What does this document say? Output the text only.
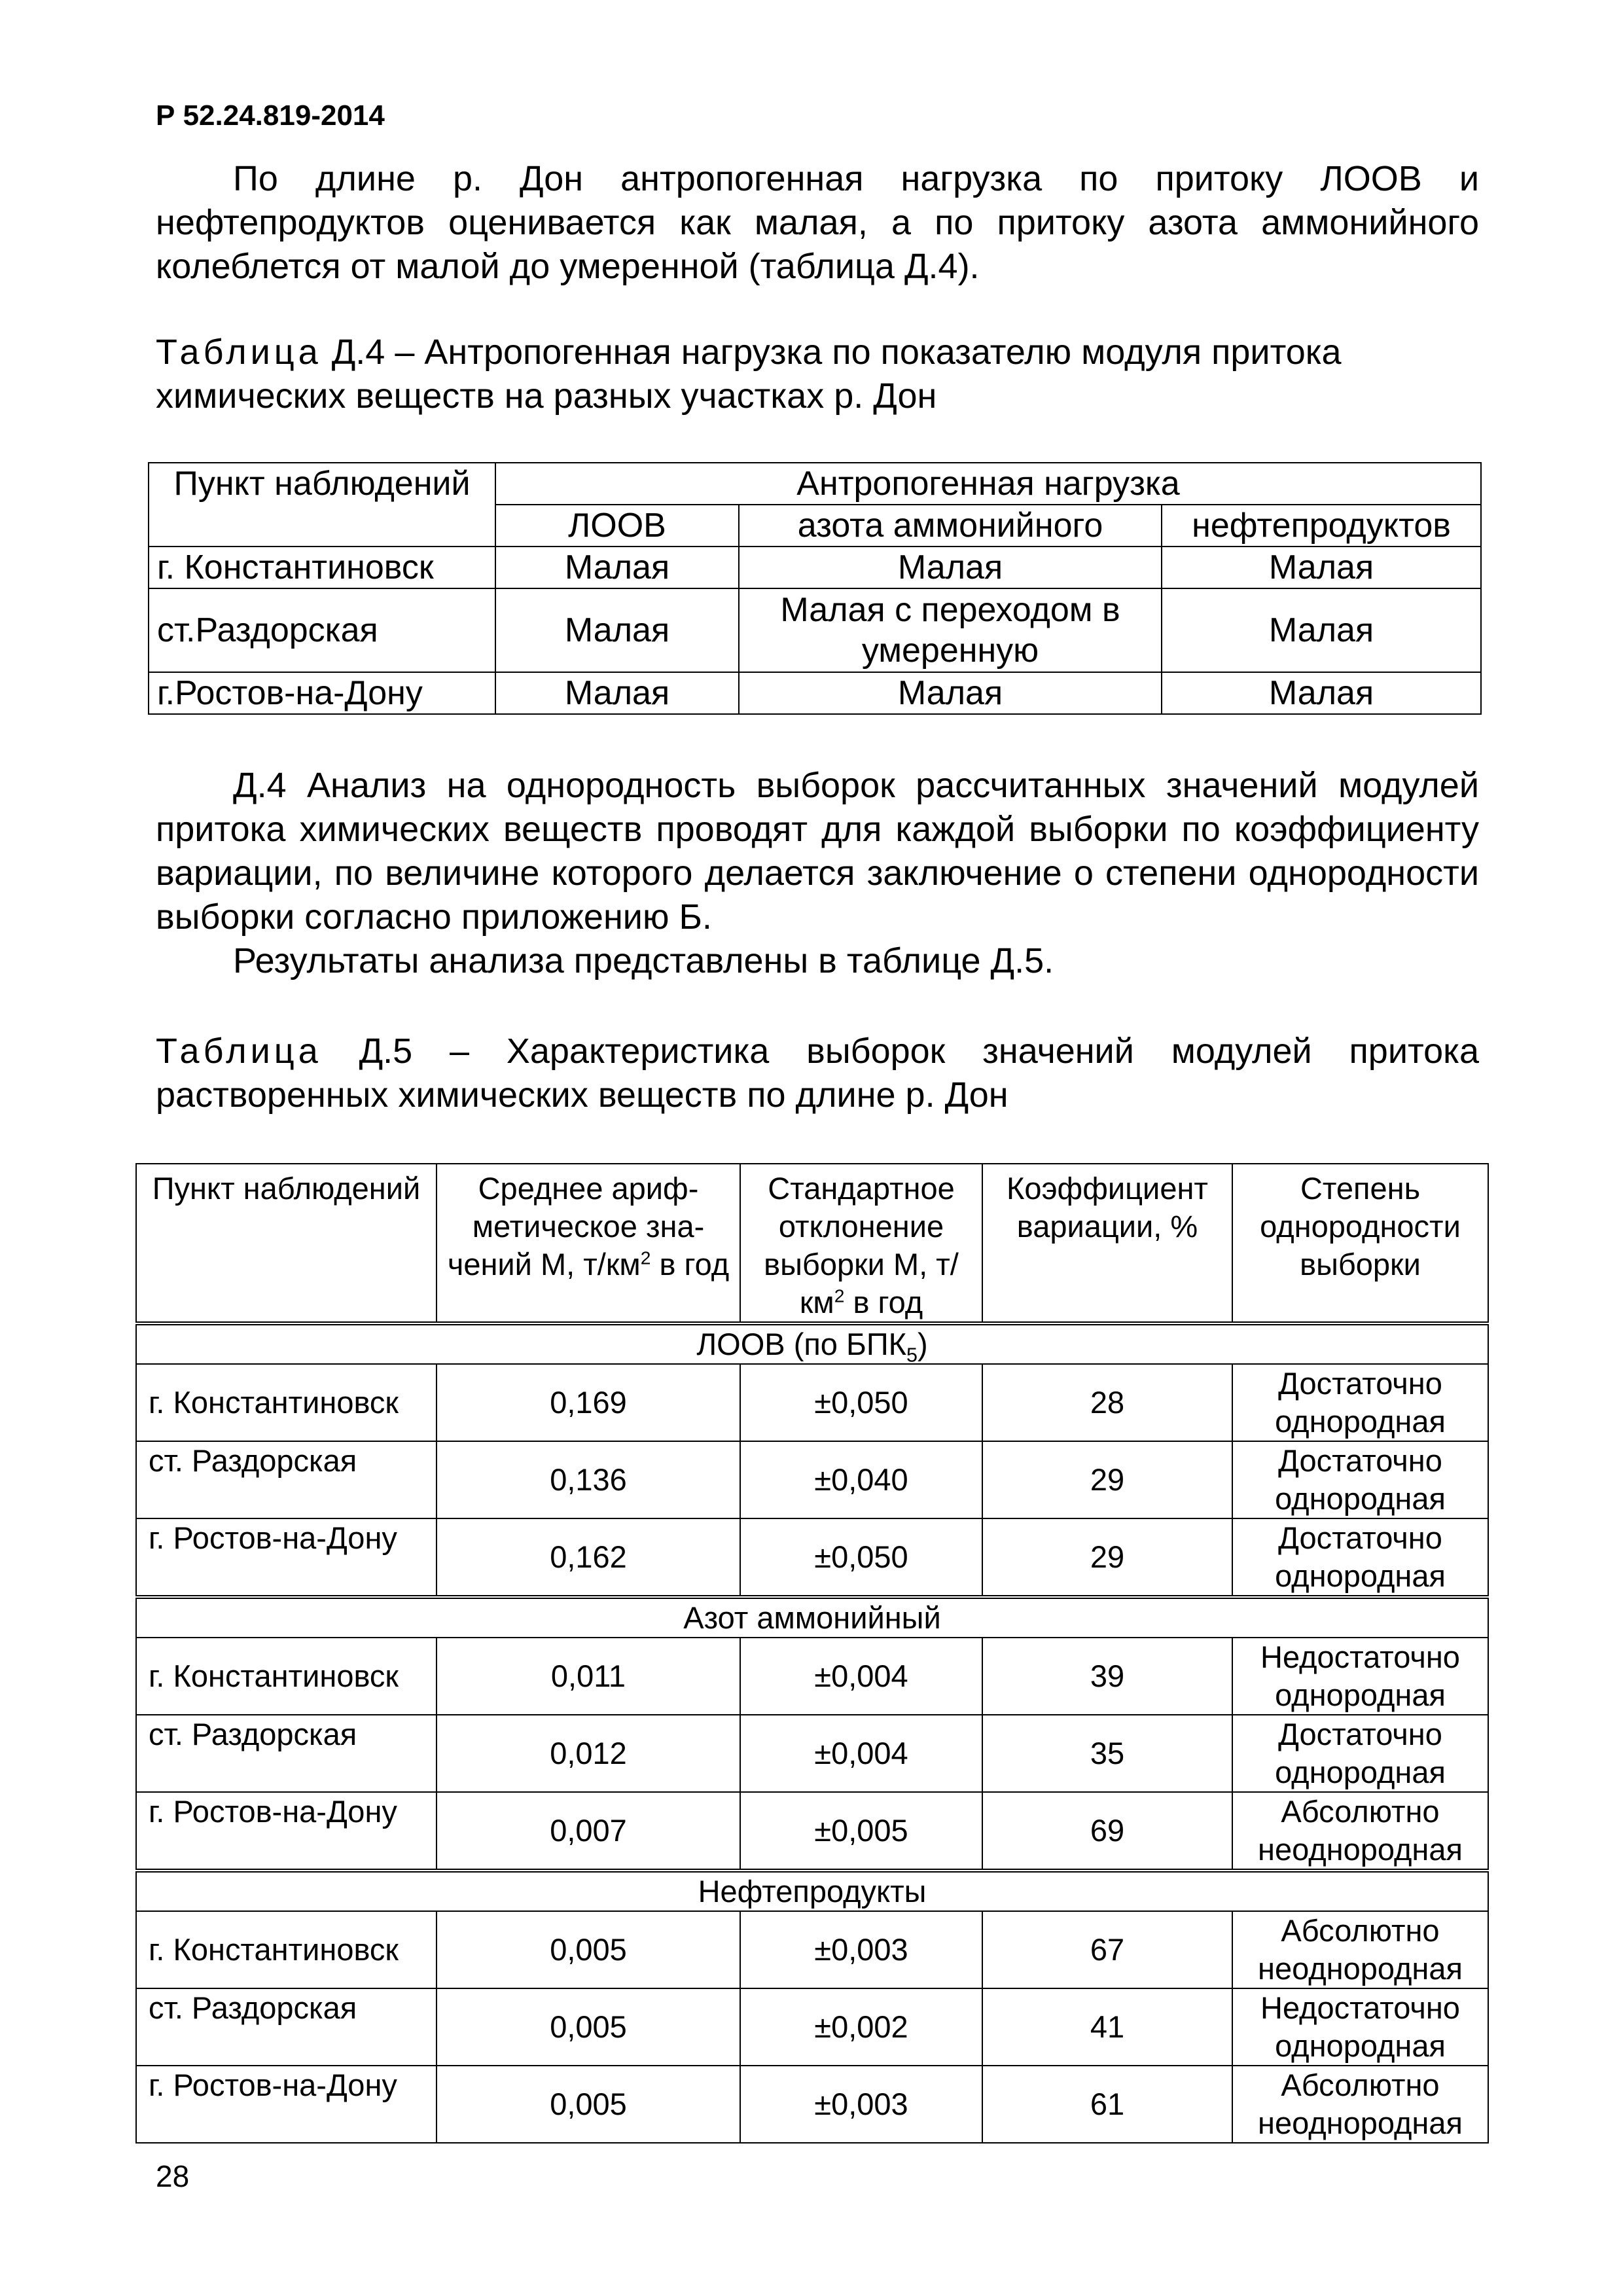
Р 52.24.819-2014

По длине р. Дон антропогенная нагрузка по притоку ЛООВ и нефтепродуктов оценивается как малая, а по притоку азота аммонийного колеблется от малой до умеренной (таблица Д.4).

Таблица Д.4 – Антропогенная нагрузка по показателю модуля притока химических веществ на разных участках р. Дон

Пункт наблюдений	Антропогенная нагрузка		
	ЛООВ	азота аммонийного	нефтепродуктов
г. Константиновск	Малая	Малая	Малая
ст.Раздорская	Малая	Малая с переходом в умеренную	Малая
г.Ростов-на-Дону	Малая	Малая	Малая

Д.4 Анализ на однородность выборок рассчитанных значений модулей притока химических веществ проводят для каждой выборки по коэффициенту вариации, по величине которого делается заключение о степени однородности выборки согласно приложению Б.

Результаты анализа представлены в таблице Д.5.

Таблица Д.5 – Характеристика выборок значений модулей притока растворенных химических веществ по длине р. Дон

Пункт наблюдений	Среднее ариф-метическое зна-чений М, $т/км^2$ в год	Стандартное отклонение выборки М, $т/км^2$ в год	Коэффициент вариации, %	Степень однородности выборки
ЛООВ (по $БПК_5$)				
г. Константиновск	0,169	±0,050	28	Достаточно однородная
ст. Раздорская	0,136	±0,040	29	Достаточно однородная
г. Ростов-на-Дону	0,162	±0,050	29	Достаточно однородная
Азот аммонийный				
г. Константиновск	0,011	±0,004	39	Недостаточно однородная
ст. Раздорская	0,012	±0,004	35	Достаточно однородная
г. Ростов-на-Дону	0,007	±0,005	69	Абсолютно неоднородная
Нефтепродукты				
г. Константиновск	0,005	±0,003	67	Абсолютно неоднородная
ст. Раздорская	0,005	±0,002	41	Недостаточно однородная
г. Ростов-на-Дону	0,005	±0,003	61	Абсолютно неоднородная
28
